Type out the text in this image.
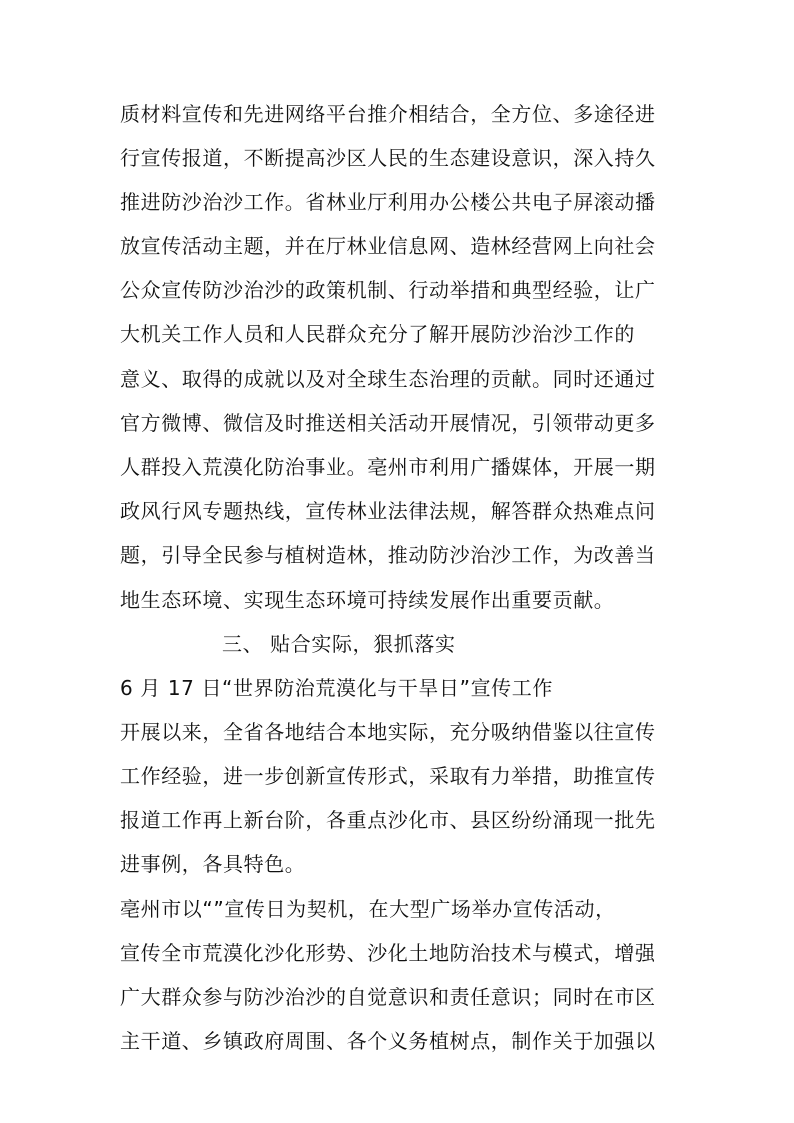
质材料宣传和先进网络平台推介相结合，全方位、多途径进
行宣传报道，不断提高沙区人民的生态建设意识，深入持久
推进防沙治沙工作。省林业厅利用办公楼公共电子屏滚动播
放宣传活动主题，并在厅林业信息网、造林经营网上向社会
公众宣传防沙治沙的政策机制、行动举措和典型经验，让广
大机关工作人员和人民群众充分了解开展防沙治沙工作的
意义、取得的成就以及对全球生态治理的贡献。同时还通过
官方微博、微信及时推送相关活动开展情况，引领带动更多
人群投入荒漠化防治事业。亳州市利用广播媒体，开展一期
政风行风专题热线，宣传林业法律法规，解答群众热难点问
题，引导全民参与植树造林，推动防沙治沙工作，为改善当
地生态环境、实现生态环境可持续发展作出重要贡献。
三、 贴合实际，狠抓落实
6 月 17 日“世界防治荒漠化与干旱日”宣传工作
开展以来，全省各地结合本地实际，充分吸纳借鉴以往宣传
工作经验，进一步创新宣传形式，采取有力举措，助推宣传
报道工作再上新台阶，各重点沙化市、县区纷纷涌现一批先
进事例，各具特色。
亳州市以“”宣传日为契机，在大型广场举办宣传活动，
宣传全市荒漠化沙化形势、沙化土地防治技术与模式，增强
广大群众参与防沙治沙的自觉意识和责任意识；同时在市区
主干道、乡镇政府周围、各个义务植树点，制作关于加强以
